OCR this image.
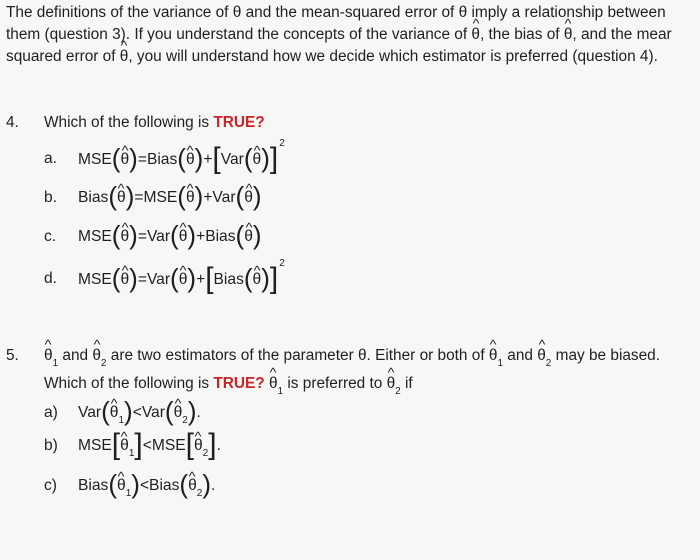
The definitions of the variance of ^ θ and the mean-squared error of ^ θ imply a relationship between
them (question 3). If you understand the concepts of the variance of ^ θ, the bias of ^ θ, and the mear
squared error of ^ θ, you will understand how we decide which estimator is preferred (question 4).
4. Which of the following is TRUE?
a.	MSE(^ θ)=Bias(^ θ)+[Var(^ θ)]$^2$
b.	Bias(^ θ)=MSE(^ θ)+Var(^ θ)
c.	MSE(^ θ)=Var(^ θ)+Bias(^ θ)
d.	MSE(^ θ)=Var(^ θ)+[Bias(^ θ)]$^2$
5. ^ $\theta_1$ and ^ $\theta_2$ are two estimators of the parameter θ. Either or both of ^ $\theta_1$ and ^ $\theta_2$ may be biased.
Which of the following is TRUE? ^ $\theta_1$ is preferred to ^ $\theta_2$ if
a)	Var(^ $\theta_1)<Var(\^{}$ $\theta_2$).
b)	MSE[^ $\theta_1]<MSE[\^{}$ $\theta_2$].
c)	Bias(^ $\theta_1)<Bias(\^{}$ $\theta_2$).
